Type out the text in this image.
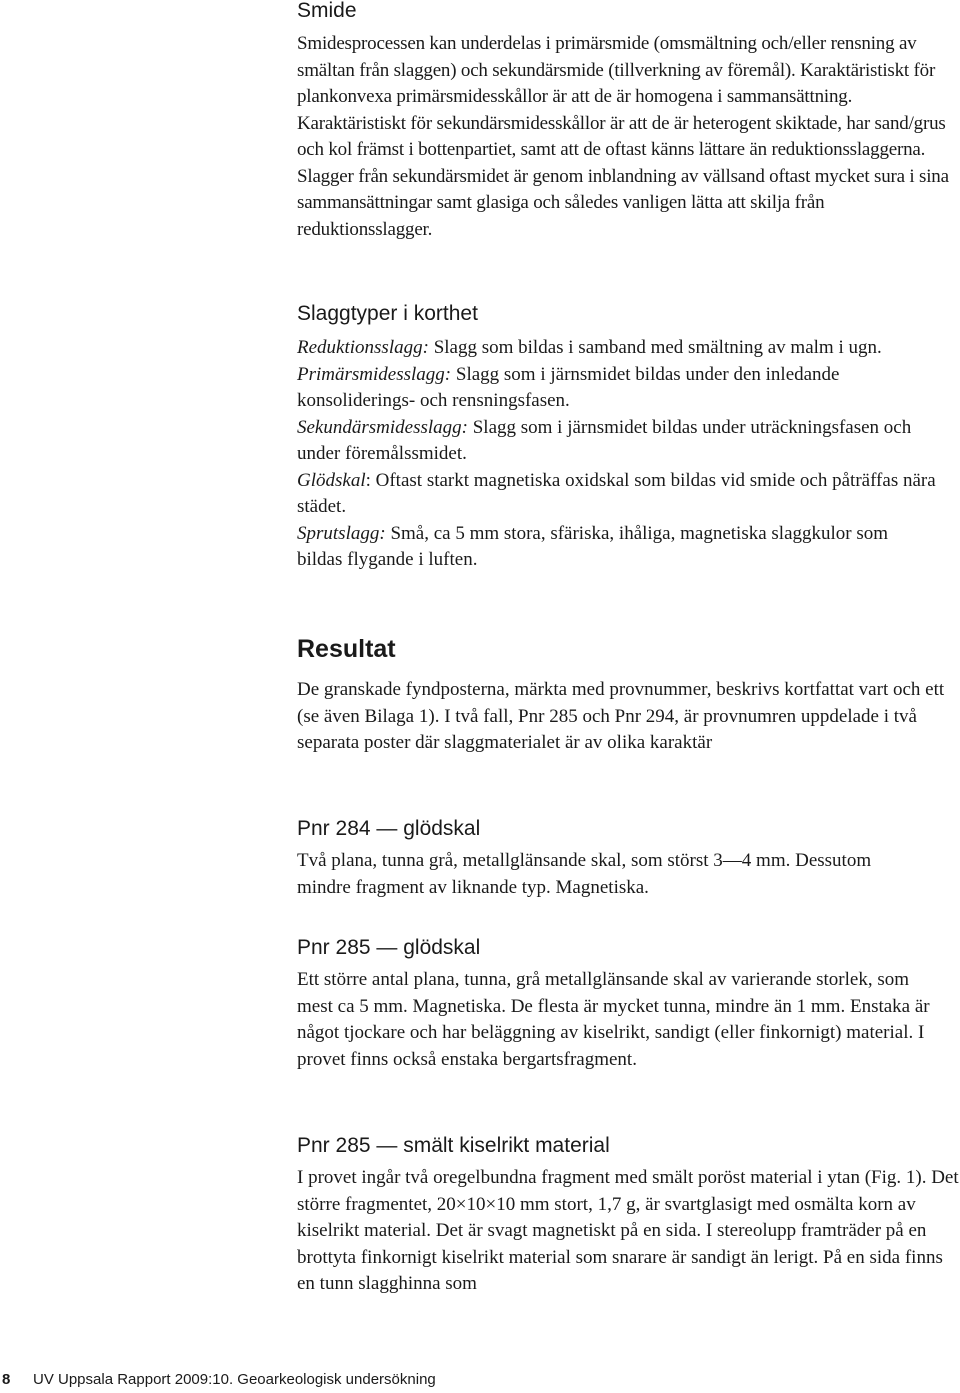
Smide

Smidesprocessen kan underdelas i primärsmide (omsmältning och/eller rensning av smältan från slaggen) och sekundärsmide (tillverkning av föremål). Karaktäristiskt för plankonvexa primärsmidesskållor är att de är homogena i sammansättning. Karaktäristiskt för sekundärsmidesskållor är att de är heterogent skiktade, har sand/grus och kol främst i bottenpartiet, samt att de oftast känns lättare än reduktionsslaggerna. Slagger från sekundärsmidet är genom inblandning av vällsand oftast mycket sura i sina sammansättningar samt glasiga och således vanligen lätta att skilja från reduktionsslagger.

Slaggtyper i korthet

Reduktionsslagg: Slagg som bildas i samband med smältning av malm i ugn.

Primärsmidesslagg: Slagg som i järnsmidet bildas under den inledande konsoliderings- och rensningsfasen.

Sekundärsmidesslagg: Slagg som i järnsmidet bildas under uträckningsfasen och under föremålssmidet.

Glödskal: Oftast starkt magnetiska oxidskal som bildas vid smide och påträffas nära städet.

Sprutslagg: Små, ca 5 mm stora, sfäriska, ihåliga, magnetiska slaggkulor som bildas flygande i luften.

Resultat

De granskade fyndposterna, märkta med provnummer, beskrivs kortfattat vart och ett (se även Bilaga 1). I två fall, Pnr 285 och Pnr 294, är provnumren uppdelade i två separata poster där slaggmaterialet är av olika karaktär

Pnr 284 — glödskal

Två plana, tunna grå, metallglänsande skal, som störst 3—4 mm. Dessutom mindre fragment av liknande typ. Magnetiska.

Pnr 285 — glödskal

Ett större antal plana, tunna, grå metallglänsande skal av varierande storlek, som mest ca 5 mm. Magnetiska. De flesta är mycket tunna, mindre än 1 mm. Enstaka är något tjockare och har beläggning av kiselrikt, sandigt (eller finkornigt) material. I provet finns också enstaka bergartsfragment.

Pnr 285 — smält kiselrikt material

I provet ingår två oregelbundna fragment med smält poröst material i ytan (Fig. 1). Det större fragmentet, 20×10×10 mm stort, 1,7 g, är svartglasigt med osmälta korn av kiselrikt material. Det är svagt magnetiskt på en sida. I stereolupp framträder på en brottyta finkornigt kiselrikt material som snarare är sandigt än lerigt. På en sida finns en tunn slagghinna som

8 UV Uppsala Rapport 2009:10. Geoarkeologisk undersökning
